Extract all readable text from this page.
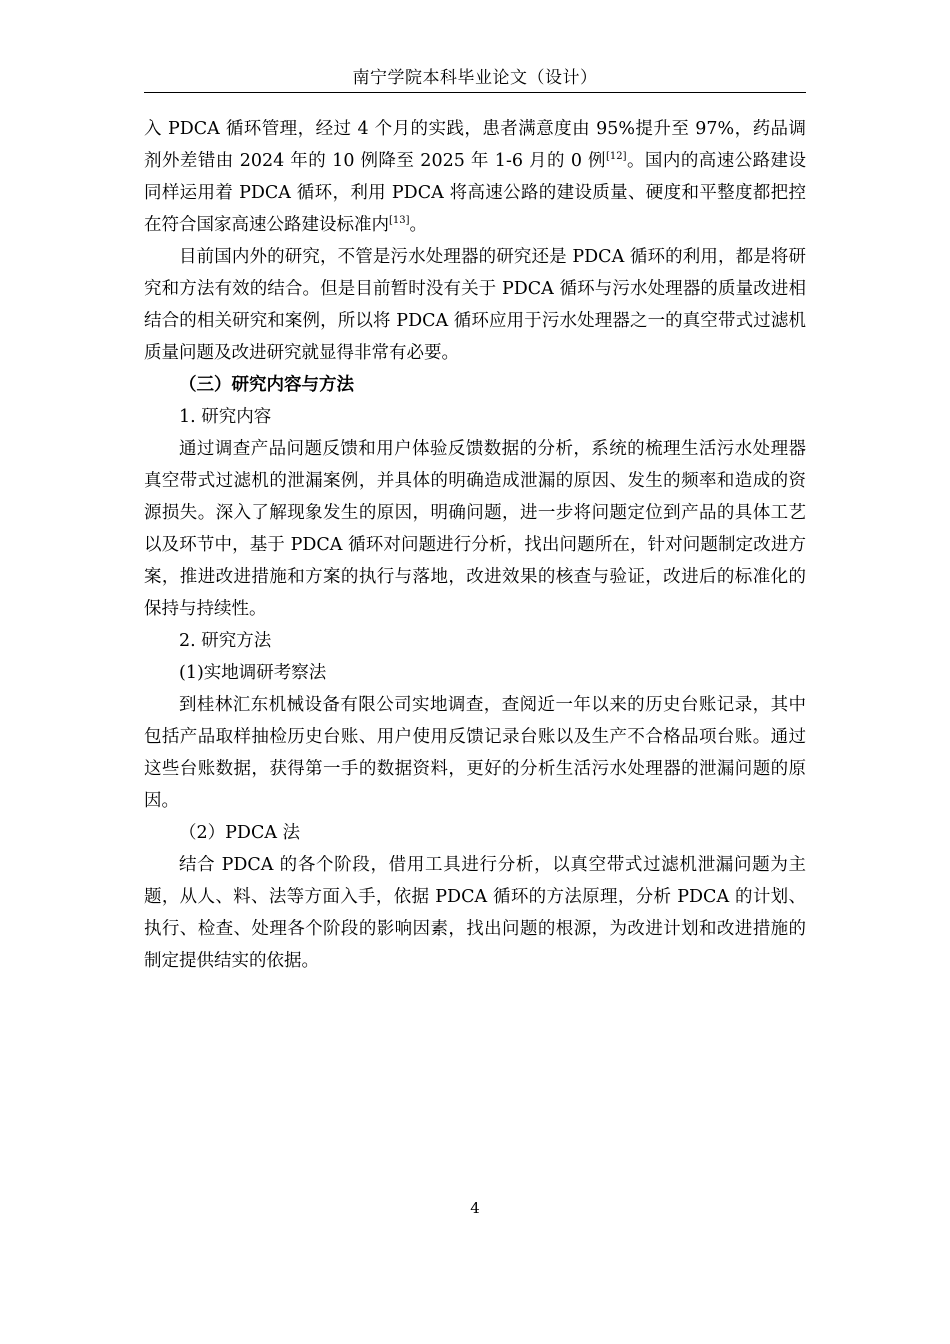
南宁学院本科毕业论文（设计）

入 PDCA 循环管理，经过 4 个月的实践，患者满意度由 95%提升至 97%，药品调剂外差错由 2024 年的 10 例降至 2025 年 1-6 月的 0 例[12]。国内的高速公路建设同样运用着 PDCA 循环，利用 PDCA 将高速公路的建设质量、硬度和平整度都把控在符合国家高速公路建设标准内[13]。

目前国内外的研究，不管是污水处理器的研究还是 PDCA 循环的利用，都是将研究和方法有效的结合。但是目前暂时没有关于 PDCA 循环与污水处理器的质量改进相结合的相关研究和案例，所以将 PDCA 循环应用于污水处理器之一的真空带式过滤机质量问题及改进研究就显得非常有必要。

（三）研究内容与方法

1. 研究内容

通过调查产品问题反馈和用户体验反馈数据的分析，系统的梳理生活污水处理器真空带式过滤机的泄漏案例，并具体的明确造成泄漏的原因、发生的频率和造成的资源损失。深入了解现象发生的原因，明确问题，进一步将问题定位到产品的具体工艺以及环节中，基于 PDCA 循环对问题进行分析，找出问题所在，针对问题制定改进方案，推进改进措施和方案的执行与落地，改进效果的核查与验证，改进后的标准化的保持与持续性。

2. 研究方法

(1)实地调研考察法

到桂林汇东机械设备有限公司实地调查，查阅近一年以来的历史台账记录，其中包括产品取样抽检历史台账、用户使用反馈记录台账以及生产不合格品项台账。通过这些台账数据，获得第一手的数据资料，更好的分析生活污水处理器的泄漏问题的原因。

（2）PDCA 法

结合 PDCA 的各个阶段，借用工具进行分析，以真空带式过滤机泄漏问题为主题，从人、料、法等方面入手，依据 PDCA 循环的方法原理，分析 PDCA 的计划、执行、检查、处理各个阶段的影响因素，找出问题的根源，为改进计划和改进措施的制定提供结实的依据。

4
